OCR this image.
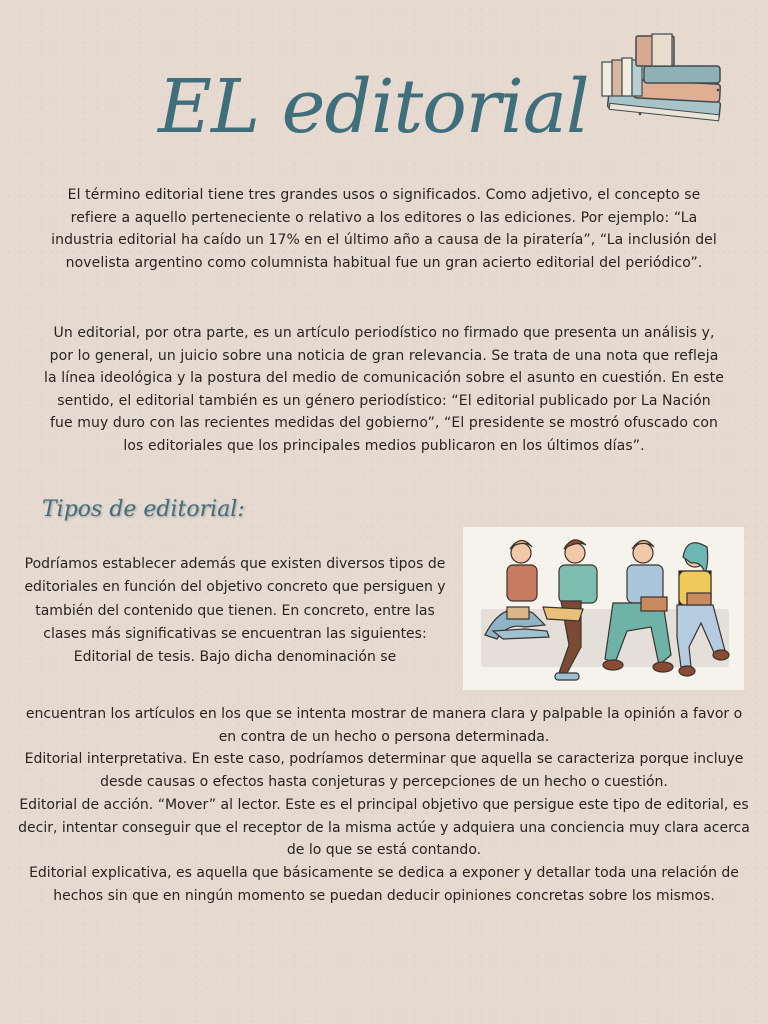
EL editorial
El término editorial tiene tres grandes usos o significados. Como adjetivo, el concepto se refiere a aquello perteneciente o relativo a los editores o las ediciones. Por ejemplo: “La industria editorial ha caído un 17% en el último año a causa de la piratería”, “La inclusión del novelista argentino como columnista habitual fue un gran acierto editorial del periódico”.
Un editorial, por otra parte, es un artículo periodístico no firmado que presenta un análisis y, por lo general, un juicio sobre una noticia de gran relevancia. Se trata de una nota que refleja la línea ideológica y la postura del medio de comunicación sobre el asunto en cuestión. En este sentido, el editorial también es un género periodístico: “El editorial publicado por La Nación fue muy duro con las recientes medidas del gobierno”, “El presidente se mostró ofuscado con los editoriales que los principales medios publicaron en los últimos días”.
Tipos de editorial:

Podríamos establecer además que existen diversos tipos de editoriales en función del objetivo concreto que persiguen y también del contenido que tienen. En concreto, entre las clases más significativas se encuentran las siguientes:

Editorial de tesis. Bajo dicha denominación se

encuentran los artículos en los que se intenta mostrar de manera clara y palpable la opinión a favor o en contra de un hecho o persona determinada.

Editorial interpretativa. En este caso, podríamos determinar que aquella se caracteriza porque incluye desde causas o efectos hasta conjeturas y percepciones de un hecho o cuestión.

Editorial de acción. “Mover” al lector. Este es el principal objetivo que persigue este tipo de editorial, es decir, intentar conseguir que el receptor de la misma actúe y adquiera una conciencia muy clara acerca de lo que se está contando.

Editorial explicativa, es aquella que básicamente se dedica a exponer y detallar toda una relación de hechos sin que en ningún momento se puedan deducir opiniones concretas sobre los mismos.
